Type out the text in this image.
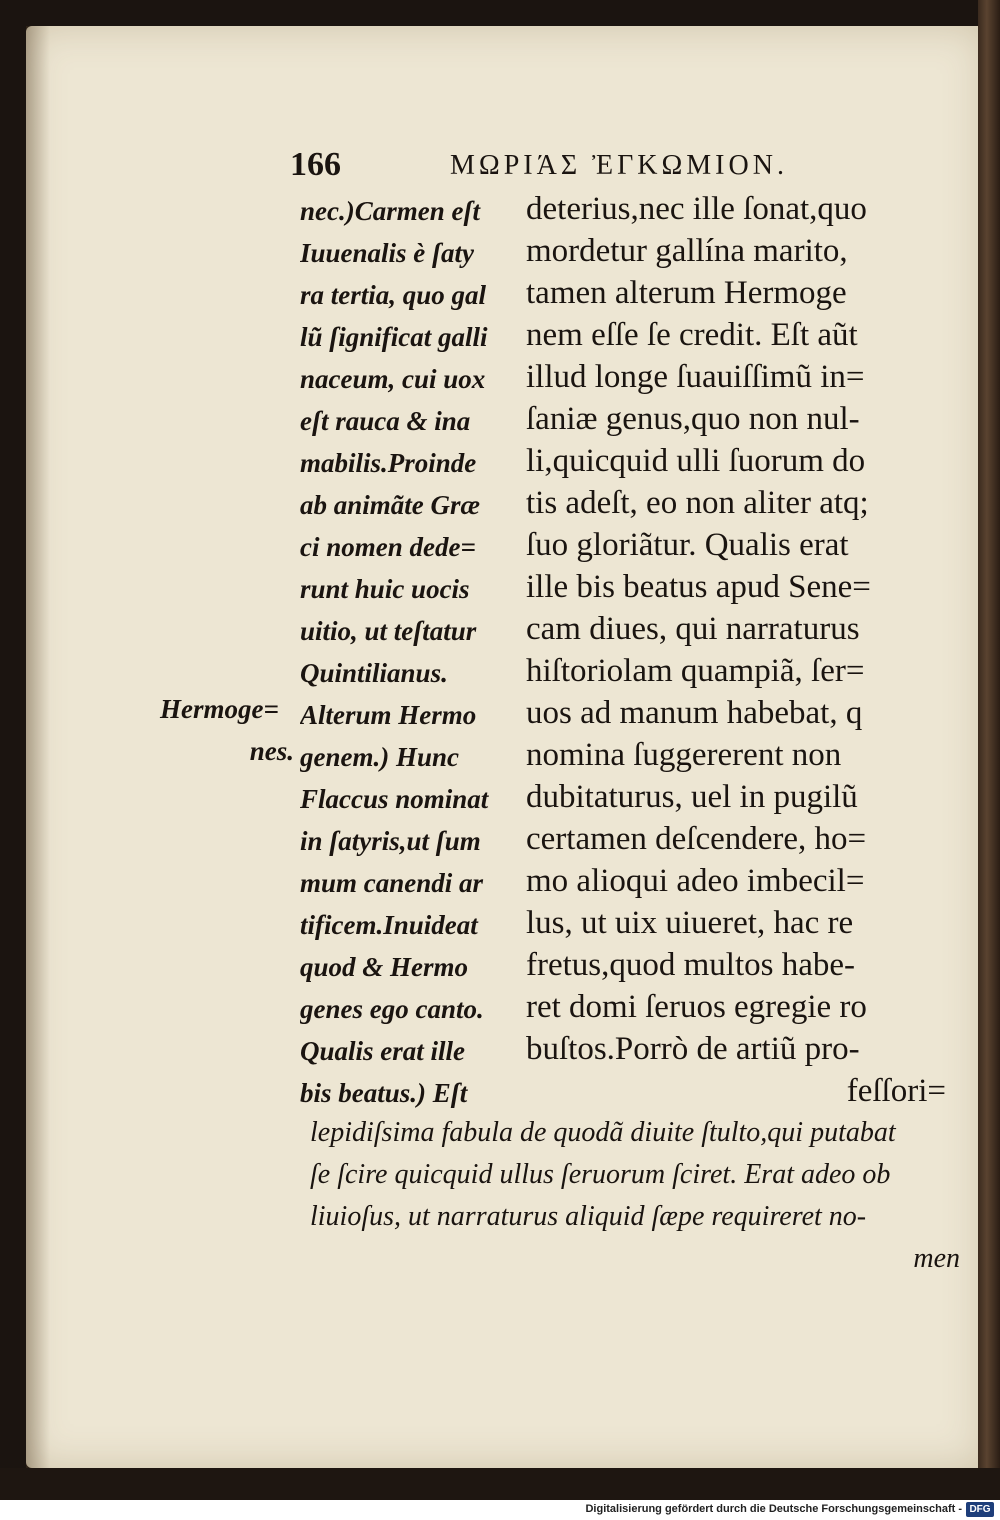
166	ΜΩΡΙΆΣ ἘΓΚΩΜΙΟΝ.
Hermoge=
nes.
nec.)Carmen eſt
Iuuenalis è ſaty
ra tertia, quo gal
lũ ſignificat galli
naceum, cui uox
eſt rauca & ina
mabilis.Proinde
ab animãte Græ
ci nomen dede=
runt huic uocis
uitio, ut teſtatur
Quintilianus.
Alterum Hermo
genem.) Hunc
Flaccus nominat
in ſatyris,ut ſum
mum canendi ar
tificem.Inuideat
quod & Hermo
genes ego canto.
Qualis erat ille
bis beatus.) Eſt
deterius,nec ille ſonat,quo
mordetur gallína marito,
tamen alterum Hermoge
nem eſſe ſe credit. Eſt aũt
illud longe ſuauiſſimũ in=
ſaniæ genus,quo non nul-
li,quicquid ulli ſuorum do
tis adeſt, eo non aliter atq;
ſuo gloriãtur. Qualis erat
ille bis beatus apud Sene=
cam diues, qui narraturus
hiſtoriolam quampiã, ſer=
uos ad manum habebat, q
nomina ſuggererent non
dubitaturus, uel in pugilũ
certamen deſcendere, ho=
mo alioqui adeo imbecil=
lus, ut uix uiueret, hac re
fretus,quod multos habe-
ret domi ſeruos egregie ro
buſtos.Porrò de artiũ pro-
feſſori=
lepidiſsima fabula de quodã diuite ſtulto,qui putabat
ſe ſcire quicquid ullus ſeruorum ſciret. Erat adeo ob
liuioſus, ut narraturus aliquid ſæpe requireret no-
men
Digitalisierung gefördert durch die Deutsche Forschungsgemeinschaft - DFG
